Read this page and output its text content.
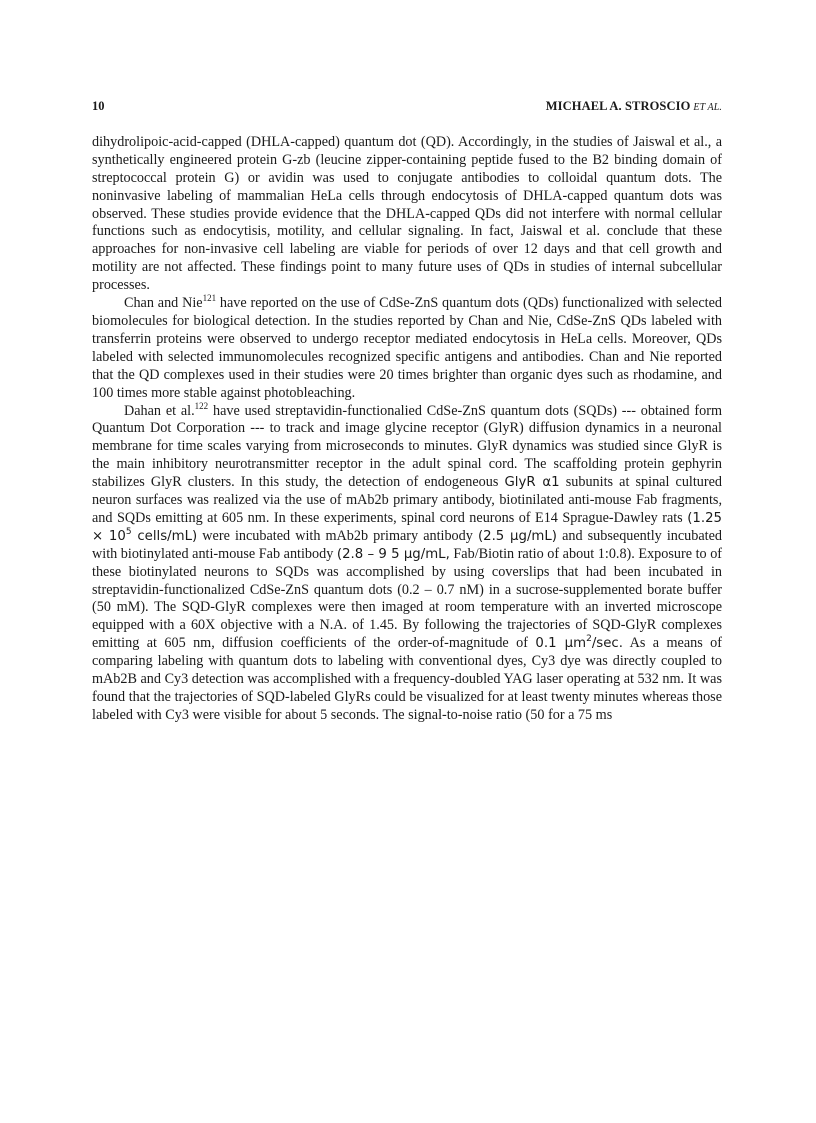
10	MICHAEL A. STROSCIO ET AL.

dihydrolipoic-acid-capped (DHLA-capped) quantum dot (QD). Accordingly, in the studies of Jaiswal et al., a synthetically engineered protein G-zb (leucine zipper-containing peptide fused to the B2 binding domain of streptococcal protein G) or avidin was used to conjugate antibodies to colloidal quantum dots. The noninvasive labeling of mammalian HeLa cells through endocytosis of DHLA-capped quantum dots was observed. These studies provide evidence that the DHLA-capped QDs did not interfere with normal cellular functions such as endocytisis, motility, and cellular signaling. In fact, Jaiswal et al. conclude that these approaches for non-invasive cell labeling are viable for periods of over 12 days and that cell growth and motility are not affected. These findings point to many future uses of QDs in studies of internal subcellular processes.

Chan and Nie$^{121}$ have reported on the use of CdSe-ZnS quantum dots (QDs) functionalized with selected biomolecules for biological detection. In the studies reported by Chan and Nie, CdSe-ZnS QDs labeled with transferrin proteins were observed to undergo receptor mediated endocytosis in HeLa cells. Moreover, QDs labeled with selected immunomolecules recognized specific antigens and antibodies. Chan and Nie reported that the QD complexes used in their studies were 20 times brighter than organic dyes such as rhodamine, and 100 times more stable against photobleaching.

Dahan et al.$^{122}$ have used streptavidin-functionalied CdSe-ZnS quantum dots (SQDs) --- obtained form Quantum Dot Corporation --- to track and image glycine receptor (GlyR) diffusion dynamics in a neuronal membrane for time scales varying from microseconds to minutes. GlyR dynamics was studied since GlyR is the main inhibitory neurotransmitter receptor in the adult spinal cord. The scaffolding protein gephyrin stabilizes GlyR clusters. In this study, the detection of endogeneous GlyR α1 subunits at spinal cultured neuron surfaces was realized via the use of mAb2b primary antibody, biotinilated anti-mouse Fab fragments, and SQDs emitting at 605 nm. In these experiments, spinal cord neurons of E14 Sprague-Dawley rats ($1.25 \times 10^5$ cells/mL) were incubated with mAb2b primary antibody (2.5 μg/mL) and subsequently incubated with biotinylated anti-mouse Fab antibody (2.8 – 9 5 μg/mL, Fab/Biotin ratio of about 1:0.8). Exposure to of these biotinylated neurons to SQDs was accomplished by using coverslips that had been incubated in streptavidin-functionalized CdSe-ZnS quantum dots (0.2 – 0.7 nM) in a sucrose-supplemented borate buffer (50 mM). The SQD-GlyR complexes were then imaged at room temperature with an inverted microscope equipped with a 60X objective with a N.A. of 1.45. By following the trajectories of SQD-GlyR complexes emitting at 605 nm, diffusion coefficients of the order-of-magnitude of 0.1 $\mu m^2/\sec$. As a means of comparing labeling with quantum dots to labeling with conventional dyes, Cy3 dye was directly coupled to mAb2B and Cy3 detection was accomplished with a frequency-doubled YAG laser operating at 532 nm. It was found that the trajectories of SQD-labeled GlyRs could be visualized for at least twenty minutes whereas those labeled with Cy3 were visible for about 5 seconds. The signal-to-noise ratio (50 for a 75 ms
